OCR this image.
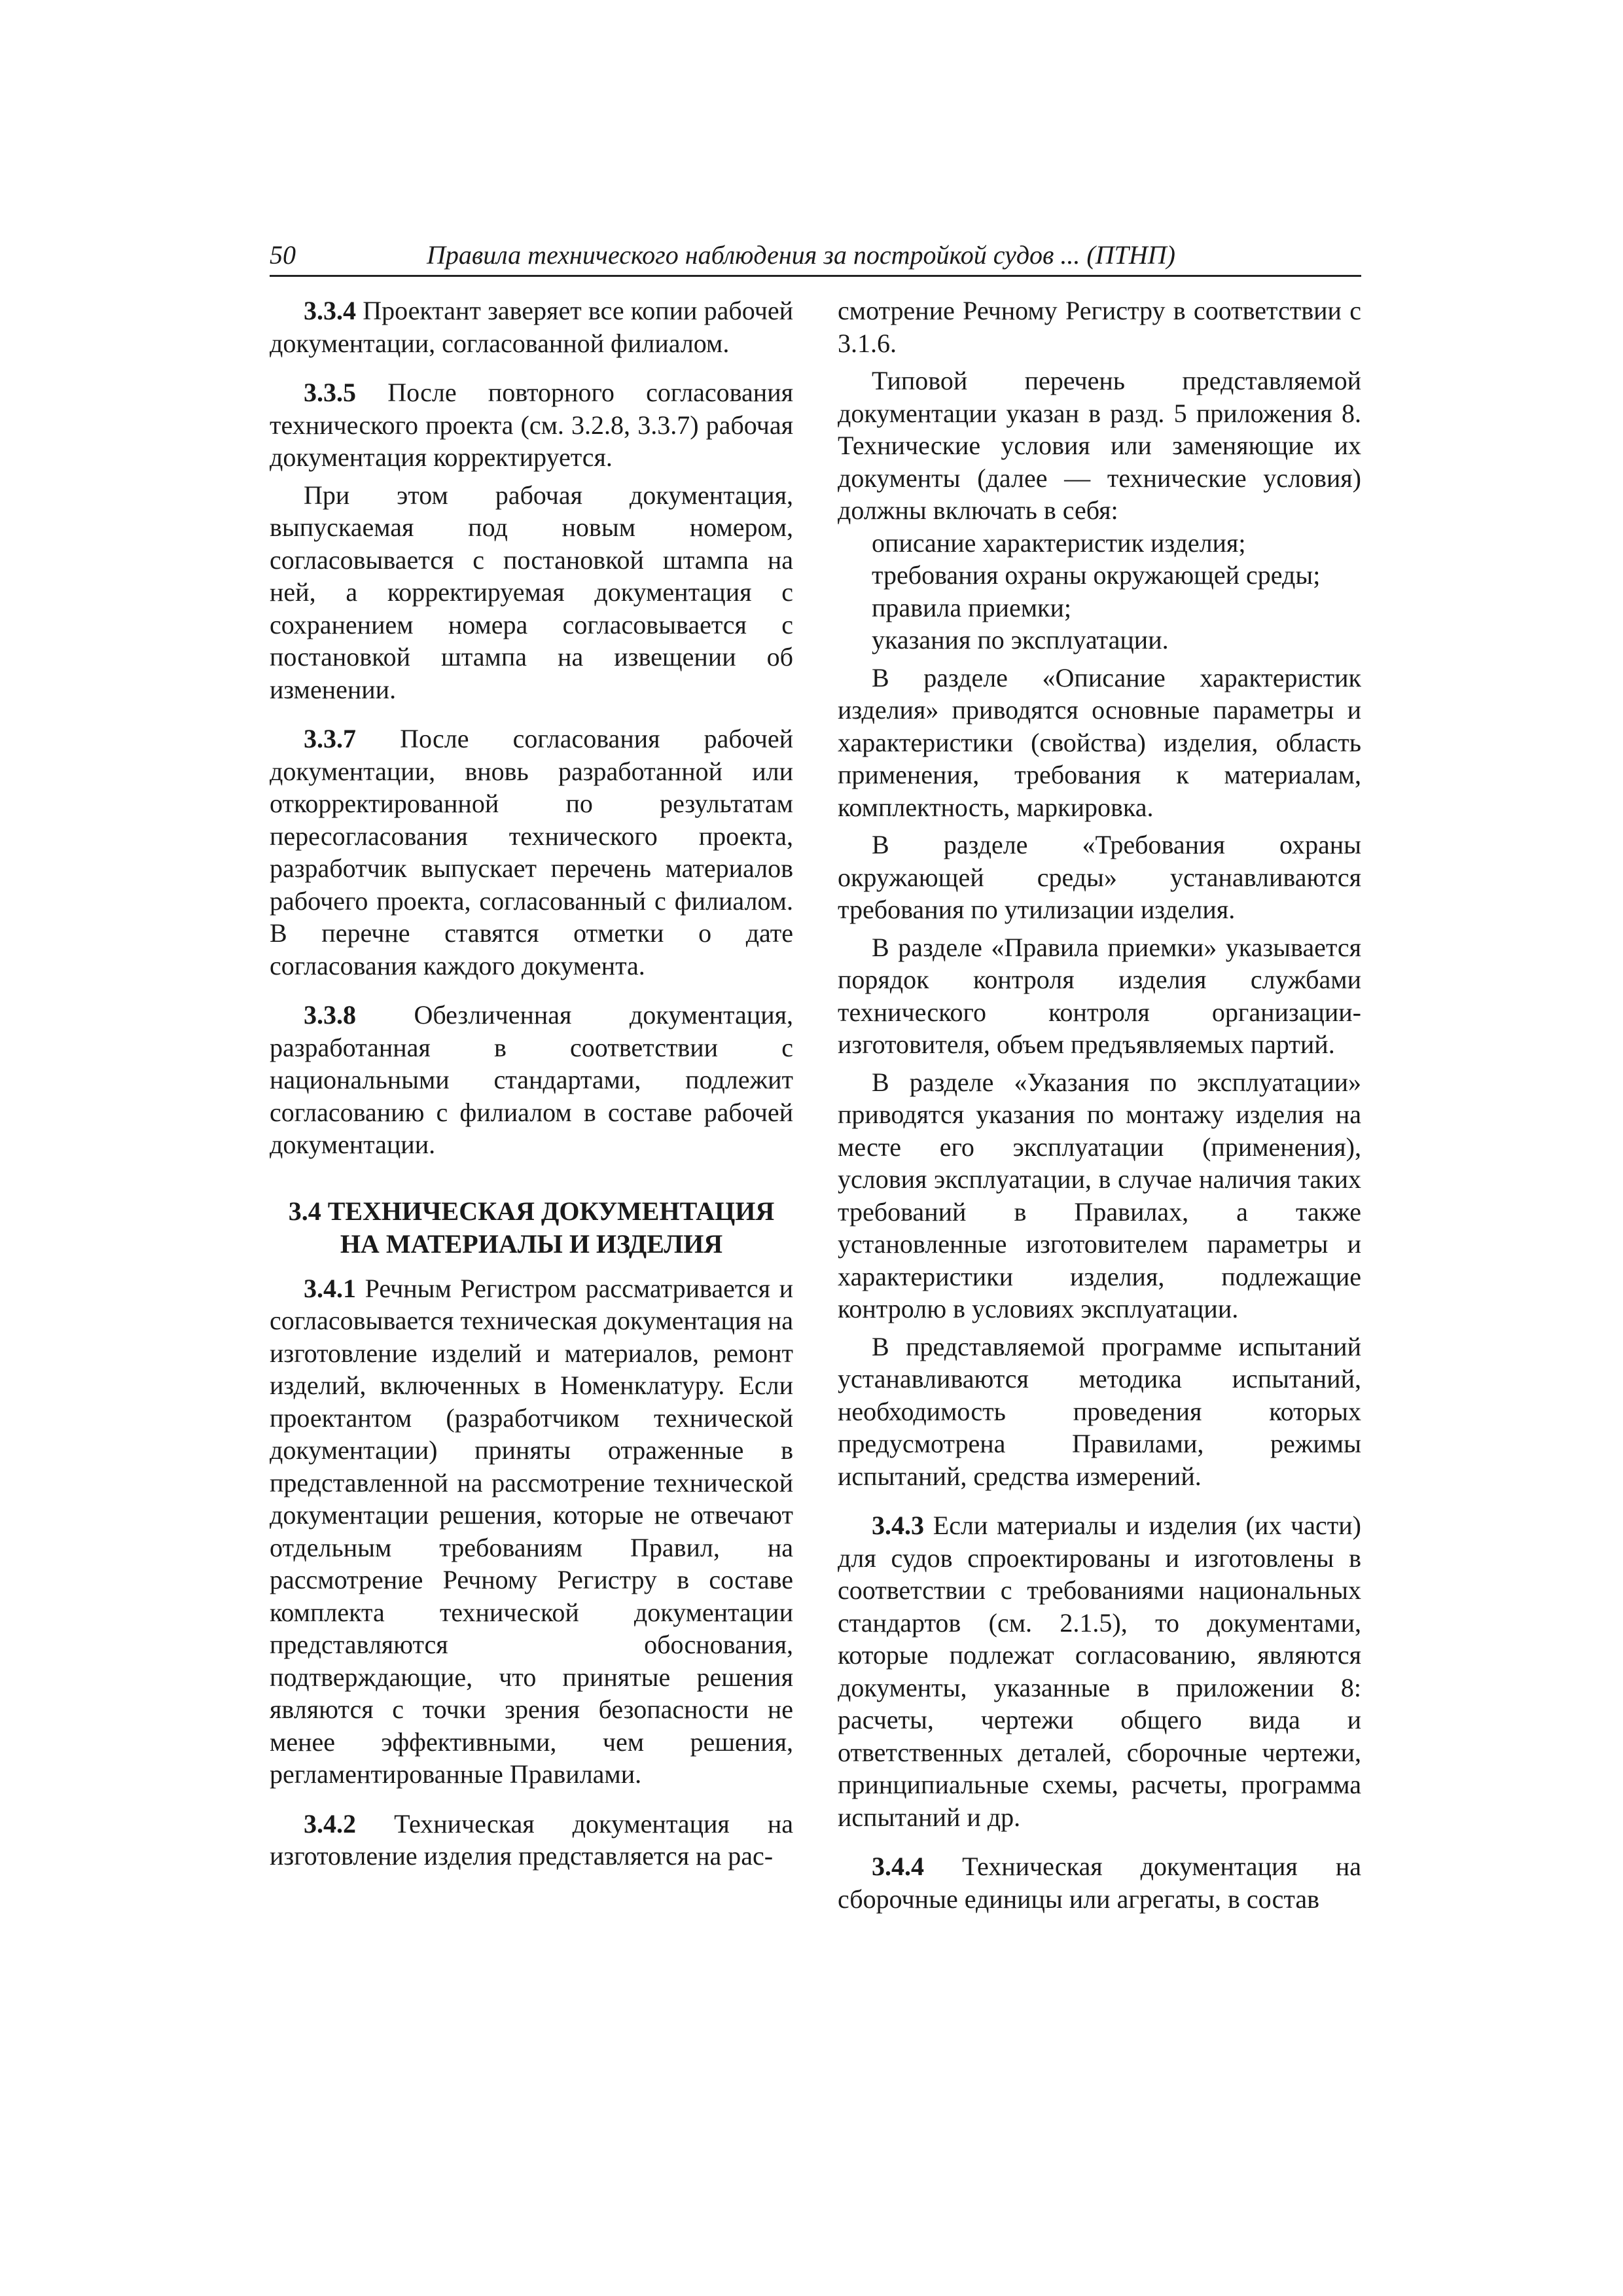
50	Правила технического наблюдения за постройкой судов ... (ПТНП)

3.3.4 Проектант заверяет все копии рабочей документации, согласованной филиалом.

3.3.5 После повторного согласования технического проекта (см. 3.2.8, 3.3.7) рабочая документация корректируется.

При этом рабочая документация, выпускаемая под новым номером, согласовывается с постановкой штампа на ней, а корректируемая документация с сохранением номера согласовывается с постановкой штампа на извещении об изменении.

3.3.7 После согласования рабочей документации, вновь разработанной или откорректированной по результатам пересогласования технического проекта, разработчик выпускает перечень материалов рабочего проекта, согласованный с филиалом. В перечне ставятся отметки о дате согласования каждого документа.

3.3.8 Обезличенная документация, разработанная в соответствии с национальными стандартами, подлежит согласованию с филиалом в составе рабочей документации.

3.4 ТЕХНИЧЕСКАЯ ДОКУМЕНТАЦИЯ
НА МАТЕРИАЛЫ И ИЗДЕЛИЯ

3.4.1 Речным Регистром рассматривается и согласовывается техническая документация на изготовление изделий и материалов, ремонт изделий, включенных в Номенклатуру. Если проектантом (разработчиком технической документации) приняты отраженные в представленной на рассмотрение технической документации решения, которые не отвечают отдельным требованиям Правил, на рассмотрение Речному Регистру в составе комплекта технической документации представляются обоснования, подтверждающие, что принятые решения являются с точки зрения безопасности не менее эффективными, чем решения, регламентированные Правилами.

3.4.2 Техническая документация на изготовление изделия представляется на рас-

смотрение Речному Регистру в соответствии с 3.1.6.

Типовой перечень представляемой документации указан в разд. 5 приложения 8. Технические условия или заменяющие их документы (далее — технические условия) должны включать в себя:

описание характеристик изделия;

требования охраны окружающей среды;

правила приемки;

указания по эксплуатации.

В разделе «Описание характеристик изделия» приводятся основные параметры и характеристики (свойства) изделия, область применения, требования к материалам, комплектность, маркировка.

В разделе «Требования охраны окружающей среды» устанавливаются требования по утилизации изделия.

В разделе «Правила приемки» указывается порядок контроля изделия службами технического контроля организации-изготовителя, объем предъявляемых партий.

В разделе «Указания по эксплуатации» приводятся указания по монтажу изделия на месте его эксплуатации (применения), условия эксплуатации, в случае наличия таких требований в Правилах, а также установленные изготовителем параметры и характеристики изделия, подлежащие контролю в условиях эксплуатации.

В представляемой программе испытаний устанавливаются методика испытаний, необходимость проведения которых предусмотрена Правилами, режимы испытаний, средства измерений.

3.4.3 Если материалы и изделия (их части) для судов спроектированы и изготовлены в соответствии с требованиями национальных стандартов (см. 2.1.5), то документами, которые подлежат согласованию, являются документы, указанные в приложении 8: расчеты, чертежи общего вида и ответственных деталей, сборочные чертежи, принципиальные схемы, расчеты, программа испытаний и др.

3.4.4 Техническая документация на сборочные единицы или агрегаты, в состав
